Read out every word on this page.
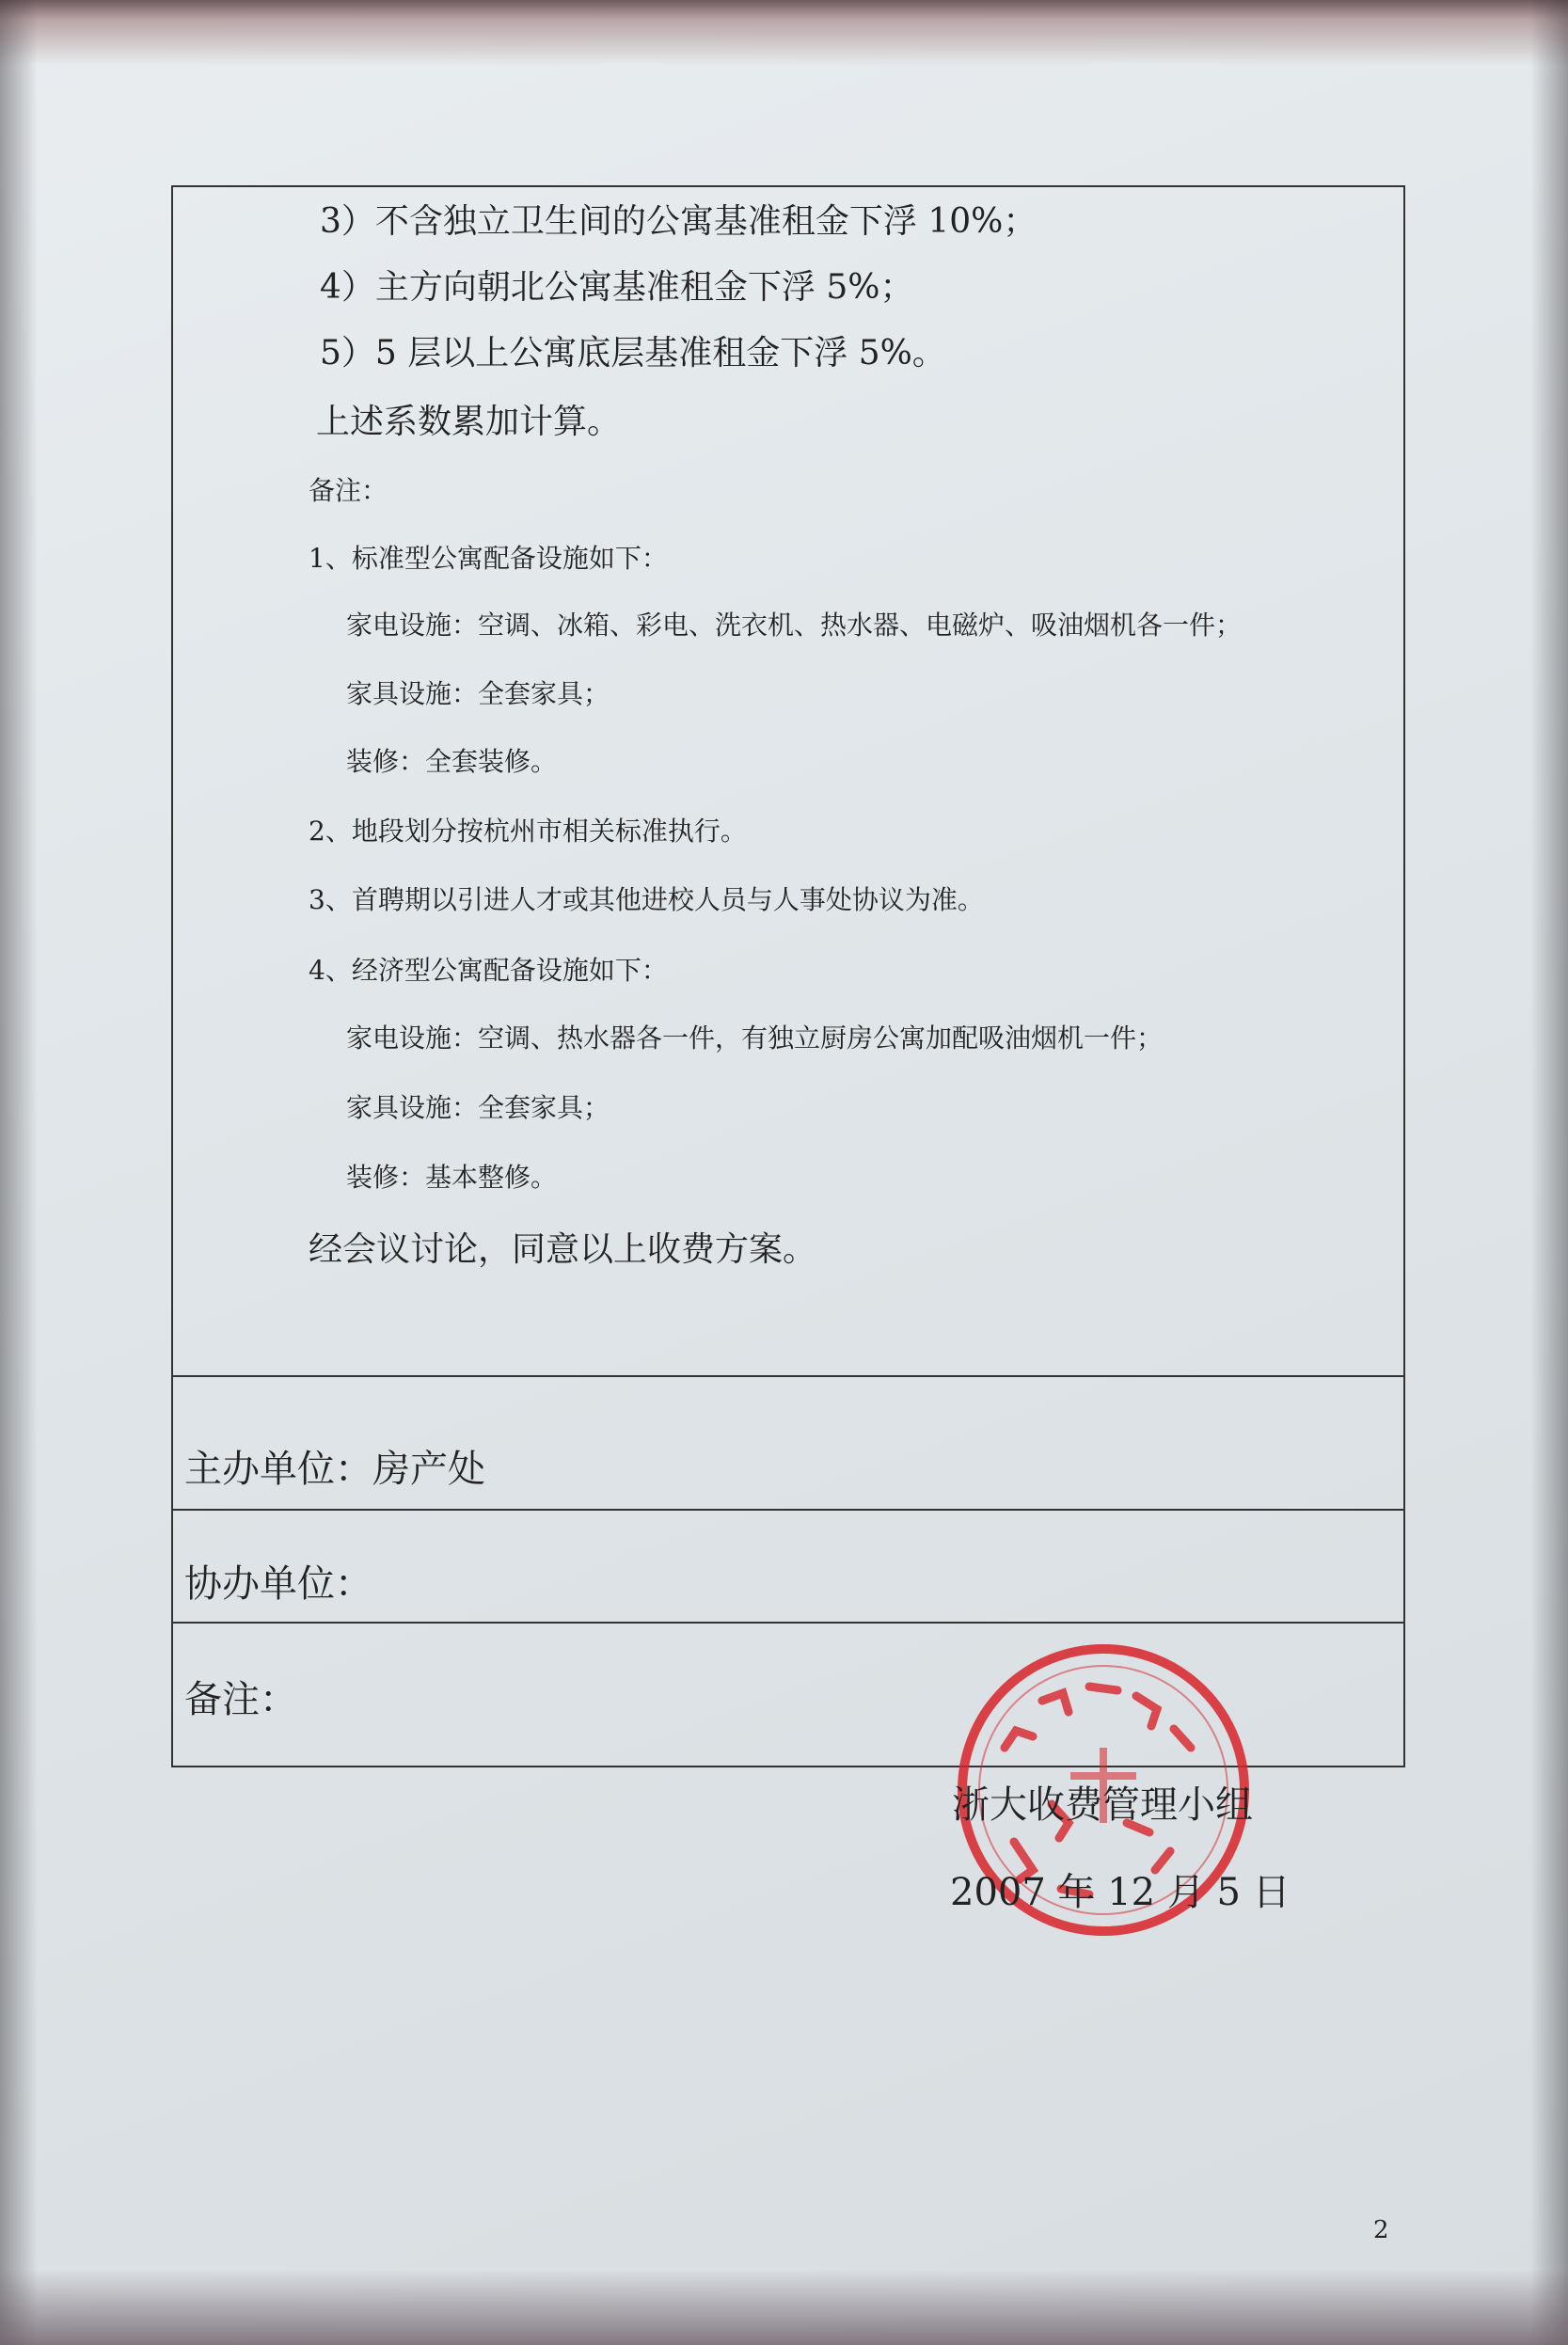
3）不含独立卫生间的公寓基准租金下浮 10%；
4）主方向朝北公寓基准租金下浮 5%；
5）5 层以上公寓底层基准租金下浮 5%。
上述系数累加计算。
备注：
1、标准型公寓配备设施如下：
家电设施：空调、冰箱、彩电、洗衣机、热水器、电磁炉、吸油烟机各一件；
家具设施：全套家具；
装修：全套装修。
2、地段划分按杭州市相关标准执行。
3、首聘期以引进人才或其他进校人员与人事处协议为准。
4、经济型公寓配备设施如下：
家电设施：空调、热水器各一件，有独立厨房公寓加配吸油烟机一件；
家具设施：全套家具；
装修：基本整修。
经会议讨论，同意以上收费方案。
主办单位：房产处
协办单位：
备注：
浙大收费管理小组
2007 年 12 月 5 日
2
